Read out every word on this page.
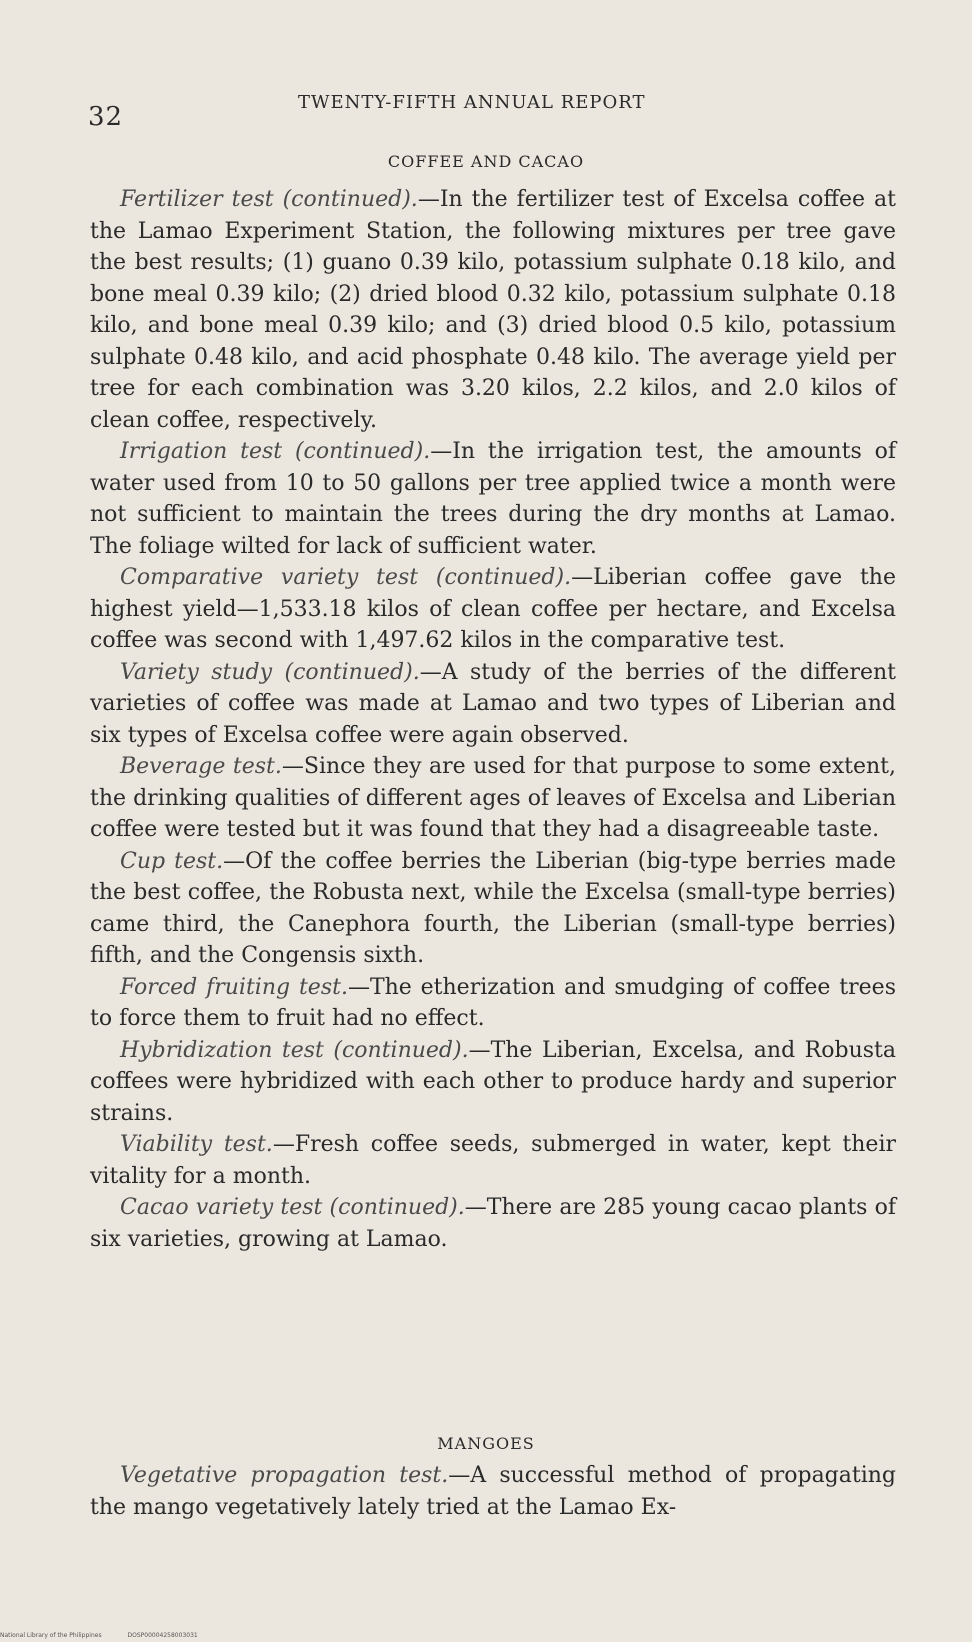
32	TWENTY-FIFTH ANNUAL REPORT
COFFEE AND CACAO

Fertilizer test (continued).—In the fertilizer test of Excelsa coffee at the Lamao Experiment Station, the following mixtures per tree gave the best results; (1) guano 0.39 kilo, potassium sulphate 0.18 kilo, and bone meal 0.39 kilo; (2) dried blood 0.32 kilo, potassium sulphate 0.18 kilo, and bone meal 0.39 kilo; and (3) dried blood 0.5 kilo, potassium sulphate 0.48 kilo, and acid phosphate 0.48 kilo. The average yield per tree for each combination was 3.20 kilos, 2.2 kilos, and 2.0 kilos of clean coffee, respectively.

Irrigation test (continued).—In the irrigation test, the amounts of water used from 10 to 50 gallons per tree applied twice a month were not sufficient to maintain the trees during the dry months at Lamao. The foliage wilted for lack of sufficient water.

Comparative variety test (continued).—Liberian coffee gave the highest yield—1,533.18 kilos of clean coffee per hectare, and Excelsa coffee was second with 1,497.62 kilos in the comparative test.

Variety study (continued).—A study of the berries of the different varieties of coffee was made at Lamao and two types of Liberian and six types of Excelsa coffee were again observed.

Beverage test.—Since they are used for that purpose to some extent, the drinking qualities of different ages of leaves of Excelsa and Liberian coffee were tested but it was found that they had a disagreeable taste.

Cup test.—Of the coffee berries the Liberian (big-type berries made the best coffee, the Robusta next, while the Excelsa (small-type berries) came third, the Canephora fourth, the Liberian (small-type berries) fifth, and the Congensis sixth.

Forced fruiting test.—The etherization and smudging of coffee trees to force them to fruit had no effect.

Hybridization test (continued).—The Liberian, Excelsa, and Robusta coffees were hybridized with each other to produce hardy and superior strains.

Viability test.—Fresh coffee seeds, submerged in water, kept their vitality for a month.

Cacao variety test (continued).—There are 285 young cacao plants of six varieties, growing at Lamao.

MANGOES

Vegetative propagation test.—A successful method of propagating the mango vegetatively lately tried at the Lamao Ex-

National Library of the Philippines	DOSP00004258003031
